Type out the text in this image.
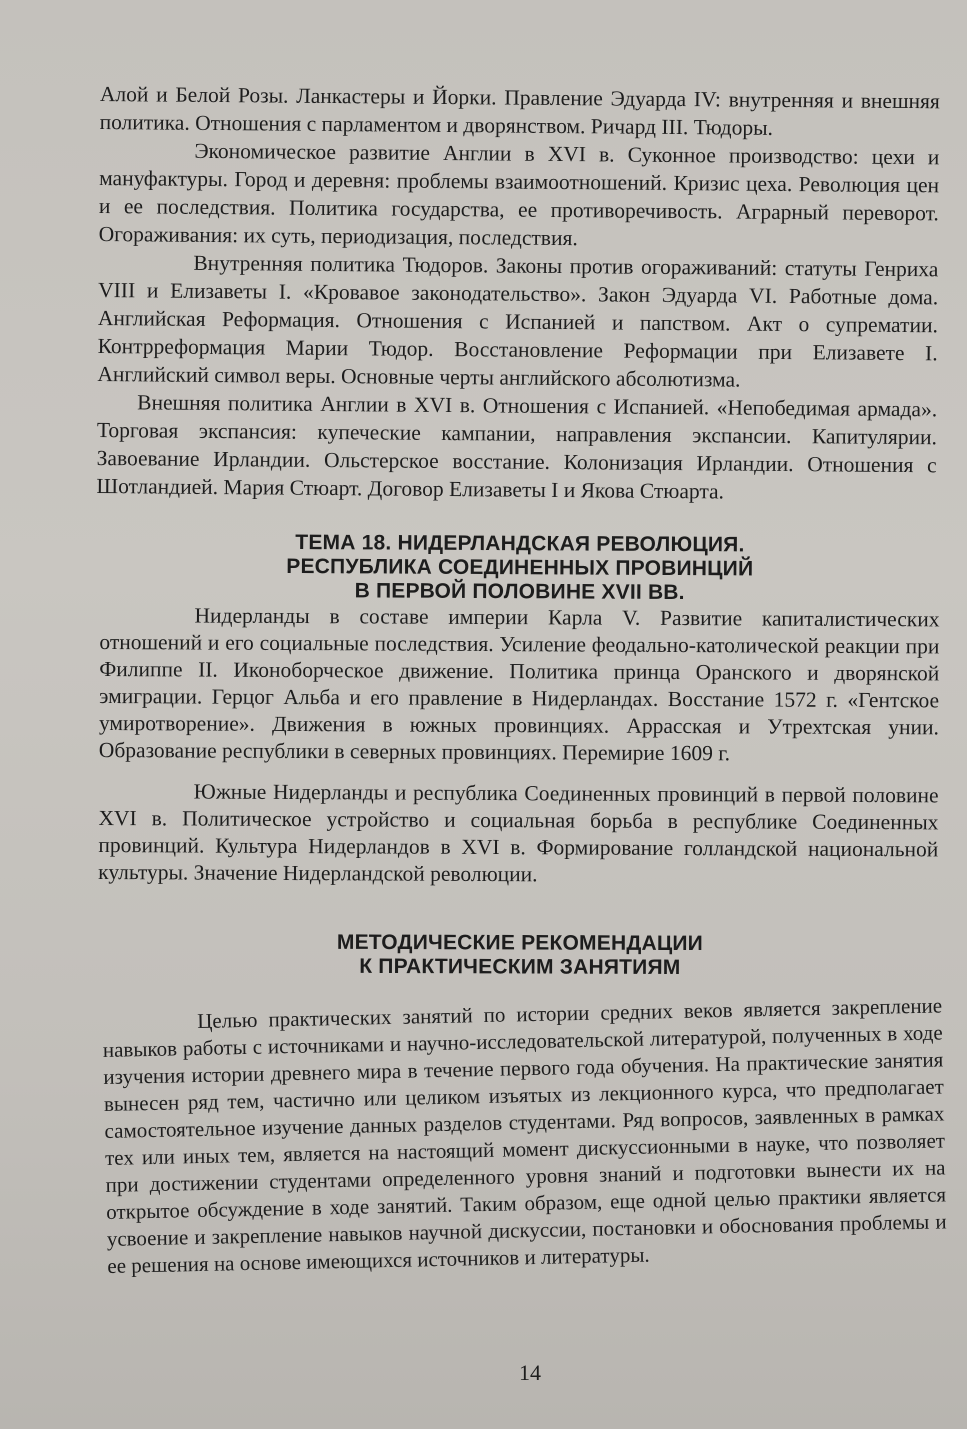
Алой и Белой Розы. Ланкастеры и Йорки. Правление Эдуарда IV: внутренняя и внешняя политика. Отношения с парламентом и дворянством. Ричард III. Тюдоры.

Экономическое развитие Англии в XVI в. Суконное производство: цехи и мануфактуры. Город и деревня: проблемы взаимоотношений. Кризис цеха. Революция цен и ее последствия. Политика государства, ее противоречивость. Аграрный переворот. Огораживания: их суть, периодизация, последствия.

Внутренняя политика Тюдоров. Законы против огораживаний: статуты Генриха VIII и Елизаветы I. «Кровавое законодательство». Закон Эдуарда VI. Работные дома. Английская Реформация. Отношения с Испанией и папством. Акт о супрематии. Контрреформация Марии Тюдор. Восстановление Реформации при Елизавете I. Английский символ веры. Основные черты английского абсолютизма.

Внешняя политика Англии в XVI в. Отношения с Испанией. «Непобедимая армада». Торговая экспансия: купеческие кампании, направления экспансии. Капитулярии. Завоевание Ирландии. Ольстерское восстание. Колонизация Ирландии. Отношения с Шотландией. Мария Стюарт. Договор Елизаветы I и Якова Стюарта.

ТЕМА 18. НИДЕРЛАНДСКАЯ РЕВОЛЮЦИЯ.
РЕСПУБЛИКА СОЕДИНЕННЫХ ПРОВИНЦИЙ
В ПЕРВОЙ ПОЛОВИНЕ XVII ВВ.

Нидерланды в составе империи Карла V. Развитие капиталистических отношений и его социальные последствия. Усиление феодально-католической реакции при Филиппе II. Иконоборческое движение. Политика принца Оранского и дворянской эмиграции. Герцог Альба и его правление в Нидерландах. Восстание 1572 г. «Гентское умиротворение». Движения в южных провинциях. Аррасская и Утрехтская унии. Образование республики в северных провинциях. Перемирие 1609 г.

Южные Нидерланды и республика Соединенных провинций в первой половине XVI в. Политическое устройство и социальная борьба в республике Соединенных провинций. Культура Нидерландов в XVI в. Формирование голландской национальной культуры. Значение Нидерландской революции.

МЕТОДИЧЕСКИЕ РЕКОМЕНДАЦИИ
К ПРАКТИЧЕСКИМ ЗАНЯТИЯМ

Целью практических занятий по истории средних веков является закрепление навыков работы с источниками и научно-исследовательской литературой, полученных в ходе изучения истории древнего мира в течение первого года обучения. На практические занятия вынесен ряд тем, частично или целиком изъятых из лекционного курса, что предполагает самостоятельное изучение данных разделов студентами. Ряд вопросов, заявленных в рамках тех или иных тем, является на настоящий момент дискуссионными в науке, что позволяет при достижении студентами определенного уровня знаний и подготовки вынести их на открытое обсуждение в ходе занятий. Таким образом, еще одной целью практики является усвоение и закрепление навыков научной дискуссии, постановки и обоснования проблемы и ее решения на основе имеющихся источников и литературы.

14
